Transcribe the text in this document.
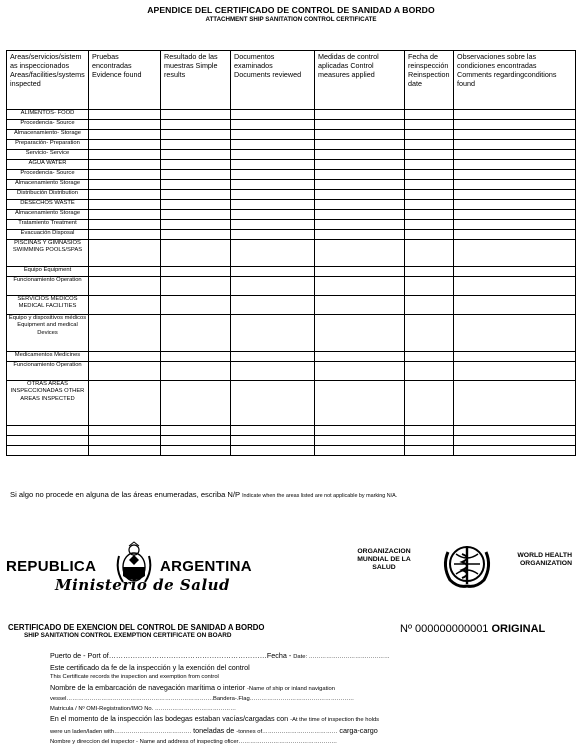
APENDICE DEL CERTIFICADO DE CONTROL DE SANIDAD A BORDO
ATTACHMENT SHIP SANITATION CONTROL CERTIFICATE
Areas/servicios/sistem as inspeccionados Areas/facilities/systems inspected	Pruebas encontradas Evidence found	Resultado de las muestras Simple results	Documentos examinados Documents reviewed	Medidas de control aplicadas Control measures applied	Fecha de reinspección Reinspection date	Observaciones sobre las condiciones encontradas Comments regardingconditions found
ALIMENTOS- FOOD						
Procedencia- Source						
Almacenamiento- Storage						
Preparación- Preparation						
Servicio- Service						
AGUA WATER						
Procedencia- Source						
Almacenamiento Storage						
Distribución Distribution						
DESECHOS WASTE						
Almacenamiento Storage						
Tratamiento Treatment						
Evacuación Disposal						
PISCINAS Y GIMNASIOS SWIMMING POOLS/SPAS						
Equipo Equipment						
Funcionamiento Operation						
SERVICIOS MEDICOS MEDICAL FACILITIES						
Equipo y dispositivos médicos Equipment and medical Devices						
Medicamentos Medicines						
Funcionamiento Operation						
OTRAS AREAS INSPECCIONADAS OTHER AREAS INSPECTED						

Si algo no procede en alguna de las áreas enumeradas, escriba N/P Indicate when the areas listed are not applicable by marking N/A.
REPUBLICA	ARGENTINA
Ministerio de Salud
ORGANIZACION MUNDIAL DE LA SALUD
WORLD HEALTH ORGANIZATION
CERTIFICADO DE EXENCION DEL CONTROL DE SANIDAD A BORDO
SHIP SANITATION CONTROL EXEMPTION CERTIFICATE ON BOARD
Nº 000000000001 ORIGINAL
Puerto de - Port of…………………………………………………………Fecha - Date: ……………………………………
Este certificado da fe de la inspección y la exención del control
This Certificate records the inspection and exemption from control
Nombre de la embarcación de navegación marítima o interior -Name of ship or inland navigation
vessel………………………………………………………………….Bandera-.Flag………………………………………………
Matricula / Nº OMI-Registration/IMO No. ……………………………………
En el momento de la inspección las bodegas estaban vacías/cargadas con -At the time of inspection the holds
were un laden/laden with…………………………………. toneladas de -tonnes of………………………………… carga-cargo
Nombre y direccion del inspector - Name and address of inspecting oficer……………………………………………
